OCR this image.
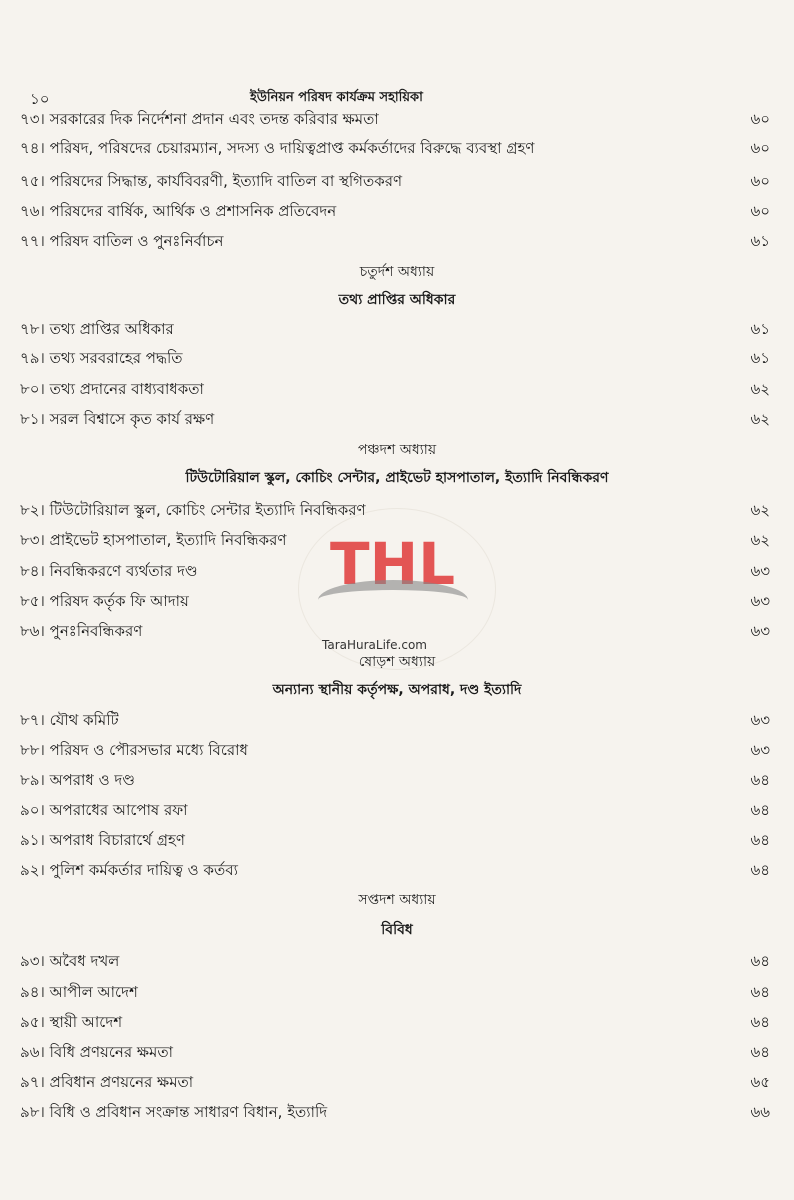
১০	ইউনিয়ন পরিষদ কার্যক্রম সহায়িকা
THL
TaraHuraLife.com
৭৩। সরকারের দিক নির্দেশনা প্রদান এবং তদন্ত করিবার ক্ষমতা	৬০
৭৪। পরিষদ, পরিষদের চেয়ারম্যান, সদস্য ও দায়িত্বপ্রাপ্ত কর্মকর্তাদের বিরুদ্ধে ব্যবস্থা গ্রহণ	৬০
৭৫। পরিষদের সিদ্ধান্ত, কার্যবিবরণী, ইত্যাদি বাতিল বা স্থগিতকরণ	৬০
৭৬। পরিষদের বার্ষিক, আর্থিক ও প্রশাসনিক প্রতিবেদন	৬০
৭৭। পরিষদ বাতিল ও পুনঃনির্বাচন	৬১
চতুর্দশ অধ্যায়
তথ্য প্রাপ্তির অধিকার
৭৮। তথ্য প্রাপ্তির অধিকার	৬১
৭৯। তথ্য সরবরাহের পদ্ধতি	৬১
৮০। তথ্য প্রদানের বাধ্যবাধকতা	৬২
৮১। সরল বিশ্বাসে কৃত কার্য রক্ষণ	৬২
পঞ্চদশ অধ্যায়
টিউটোরিয়াল স্কুল, কোচিং সেন্টার, প্রাইভেট হাসপাতাল, ইত্যাদি নিবন্ধিকরণ
৮২। টিউটোরিয়াল স্কুল, কোচিং সেন্টার ইত্যাদি নিবন্ধিকরণ	৬২
৮৩। প্রাইভেট হাসপাতাল, ইত্যাদি নিবন্ধিকরণ	৬২
৮৪। নিবন্ধিকরণে ব্যর্থতার দণ্ড	৬৩
৮৫। পরিষদ কর্তৃক ফি আদায়	৬৩
৮৬। পুনঃনিবন্ধিকরণ	৬৩
ষোড়শ অধ্যায়
অন্যান্য স্থানীয় কর্তৃপক্ষ, অপরাধ, দণ্ড ইত্যাদি
৮৭। যৌথ কমিটি	৬৩
৮৮। পরিষদ ও পৌরসভার মধ্যে বিরোধ	৬৩
৮৯। অপরাধ ও দণ্ড	৬৪
৯০। অপরাধের আপোষ রফা	৬৪
৯১। অপরাধ বিচারার্থে গ্রহণ	৬৪
৯২। পুলিশ কর্মকর্তার দায়িত্ব ও কর্তব্য	৬৪
সপ্তদশ অধ্যায়
বিবিধ
৯৩। অবৈধ দখল	৬৪
৯৪। আপীল আদেশ	৬৪
৯৫। স্থায়ী আদেশ	৬৪
৯৬। বিধি প্রণয়নের ক্ষমতা	৬৪
৯৭। প্রবিধান প্রণয়নের ক্ষমতা	৬৫
৯৮। বিধি ও প্রবিধান সংক্রান্ত সাধারণ বিধান, ইত্যাদি	৬৬
